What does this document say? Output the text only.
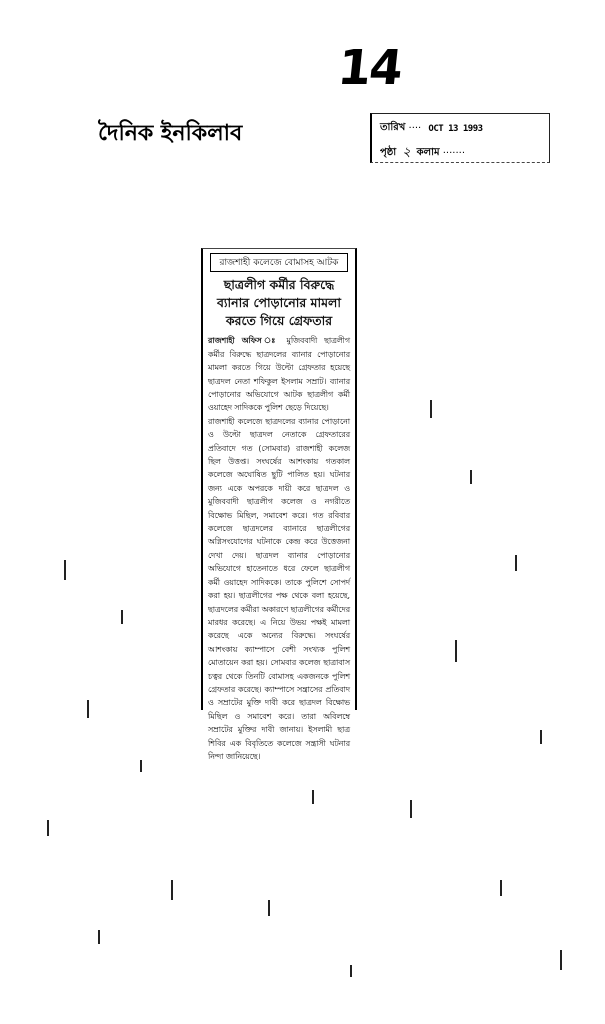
14
দৈনিক ইনকিলাব	তারিখ ···· OCT 13 1993
পৃষ্ঠা ২ কলাম ·······
রাজশাহী কলেজে বোমাসহ আটক
ছাত্রলীগ কর্মীর বিরুদ্ধে ব্যানার পোড়ানোর মামলা করতে গিয়ে গ্রেফতার

রাজশাহী অফিস ঃ মুজিববাদী ছাত্রলীগ কর্মীর বিরুদ্ধে ছাত্রদলের ব্যানার পোড়ানোর মামলা করতে গিয়ে উল্টো গ্রেফতার হয়েছে ছাত্রদল নেতা শফিকুল ইসলাম সম্রাট। ব্যানার পোড়ানোর অভিযোগে আটক ছাত্রলীগ কর্মী ওয়াহেদ সাদিককে পুলিশ ছেড়ে দিয়েছে।

রাজশাহী কলেজে ছাত্রদলের ব্যানার পোড়ানো ও উল্টো ছাত্রদল নেতাকে গ্রেফতারের প্রতিবাদে গত (সোমবার) রাজশাহী কলেজ ছিল উত্তপ্ত। সংঘর্ষের আশংকায় গতকাল কলেজে অঘোষিত ছুটি পালিত হয়। ঘটনার জন্য একে অপরকে দায়ী করে ছাত্রদল ও মুজিববাদী ছাত্রলীগ কলেজ ও নগরীতে বিক্ষোভ মিছিল, সমাবেশ করে। গত রবিবার কলেজে ছাত্রদলের ব্যানারে ছাত্রলীগের অগ্নিসংযোগের ঘটনাকে কেন্দ্র করে উত্তেজনা দেখা দেয়। ছাত্রদল ব্যানার পোড়ানোর অভিযোগে হাতেনাতে ধরে ফেলে ছাত্রলীগ কর্মী ওয়াহেদ সাদিককে। তাকে পুলিশে সোপর্দ করা হয়। ছাত্রলীগের পক্ষ থেকে বলা হয়েছে, ছাত্রদলের কর্মীরা অকারণে ছাত্রলীগের কর্মীদের মারধর করেছে। এ নিয়ে উভয় পক্ষই মামলা করেছে একে অন্যের বিরুদ্ধে। সংঘর্ষের আশংকায় ক্যাম্পাসে বেশী সংখ্যক পুলিশ মোতায়েন করা হয়। সোমবার কলেজ ছাত্রাবাস চত্বর থেকে তিনটি বোমাসহ একজনকে পুলিশ গ্রেফতার করেছে। ক্যাম্পাসে সন্ত্রাসের প্রতিবাদ ও সম্রাটের মুক্তি দাবী করে ছাত্রদল বিক্ষোভ মিছিল ও সমাবেশ করে। তারা অবিলম্বে সম্রাটের মুক্তির দাবী জানায়। ইসলামী ছাত্র শিবির এক বিবৃতিতে কলেজে সন্ত্রাসী ঘটনার নিন্দা জানিয়েছে।
